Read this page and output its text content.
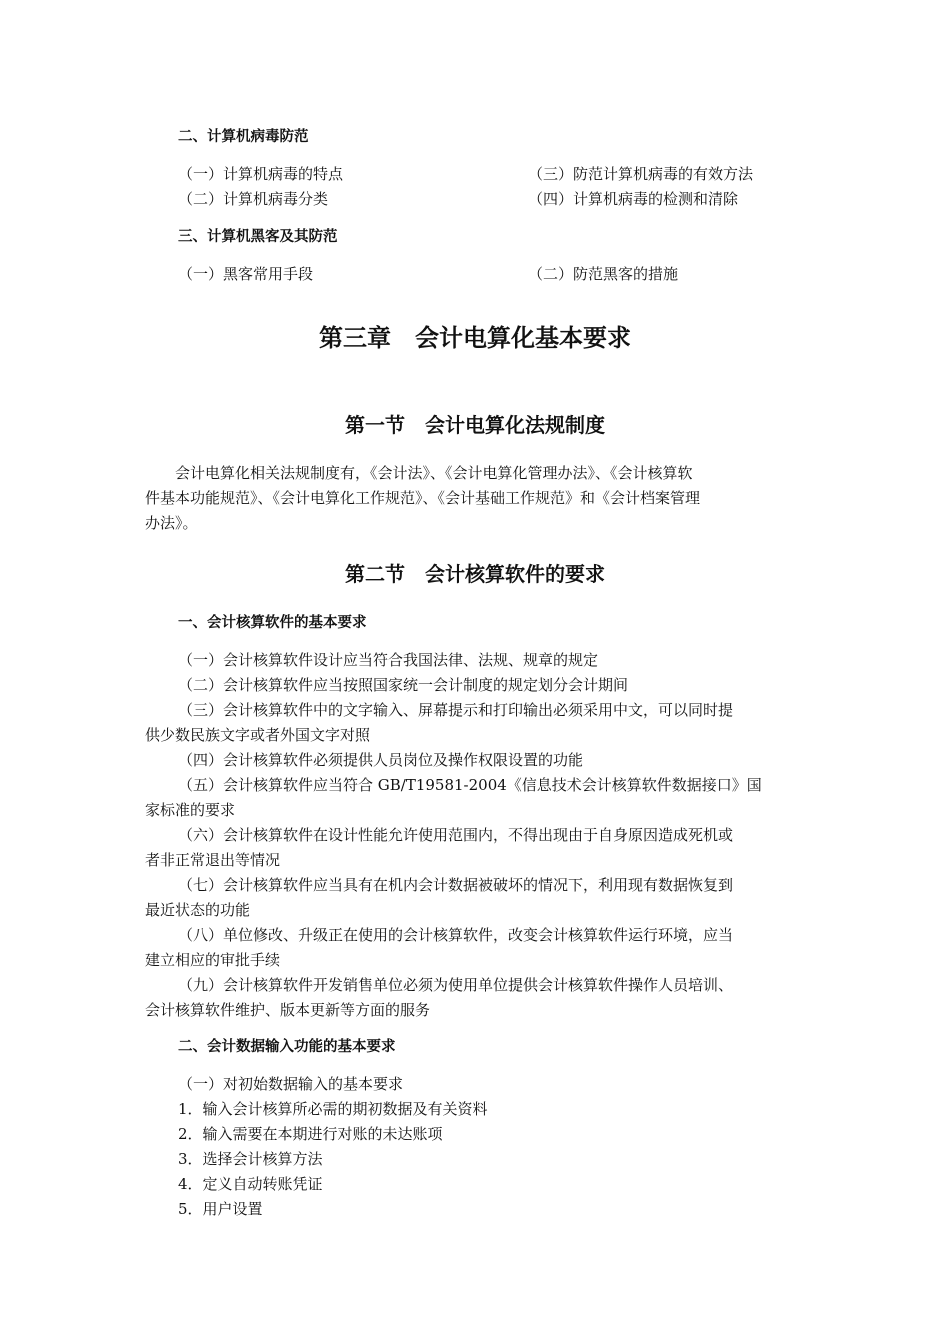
二、计算机病毒防范
（一）计算机病毒的特点	（三）防范计算机病毒的有效方法
（二）计算机病毒分类	（四）计算机病毒的检测和清除
三、计算机黑客及其防范
（一）黑客常用手段	（二）防范黑客的措施
第三章　会计电算化基本要求
第一节　会计电算化法规制度
　　会计电算化相关法规制度有，《会计法》、《会计电算化管理办法》、《会计核算软
件基本功能规范》、《会计电算化工作规范》、《会计基础工作规范》和《会计档案管理
办法》。
第二节　会计核算软件的要求
一、会计核算软件的基本要求
（一）会计核算软件设计应当符合我国法律、法规、规章的规定
（二）会计核算软件应当按照国家统一会计制度的规定划分会计期间
（三）会计核算软件中的文字输入、屏幕提示和打印输出必须采用中文，可以同时提
供少数民族文字或者外国文字对照
（四）会计核算软件必须提供人员岗位及操作权限设置的功能
（五）会计核算软件应当符合 GB/T19581-2004《信息技术会计核算软件数据接口》国
家标准的要求
（六）会计核算软件在设计性能允许使用范围内，不得出现由于自身原因造成死机或
者非正常退出等情况
（七）会计核算软件应当具有在机内会计数据被破坏的情况下，利用现有数据恢复到
最近状态的功能
（八）单位修改、升级正在使用的会计核算软件，改变会计核算软件运行环境，应当
建立相应的审批手续
（九）会计核算软件开发销售单位必须为使用单位提供会计核算软件操作人员培训、
会计核算软件维护、版本更新等方面的服务
二、会计数据输入功能的基本要求
（一）对初始数据输入的基本要求
1．输入会计核算所必需的期初数据及有关资料
2．输入需要在本期进行对账的未达账项
3．选择会计核算方法
4．定义自动转账凭证
5．用户设置
